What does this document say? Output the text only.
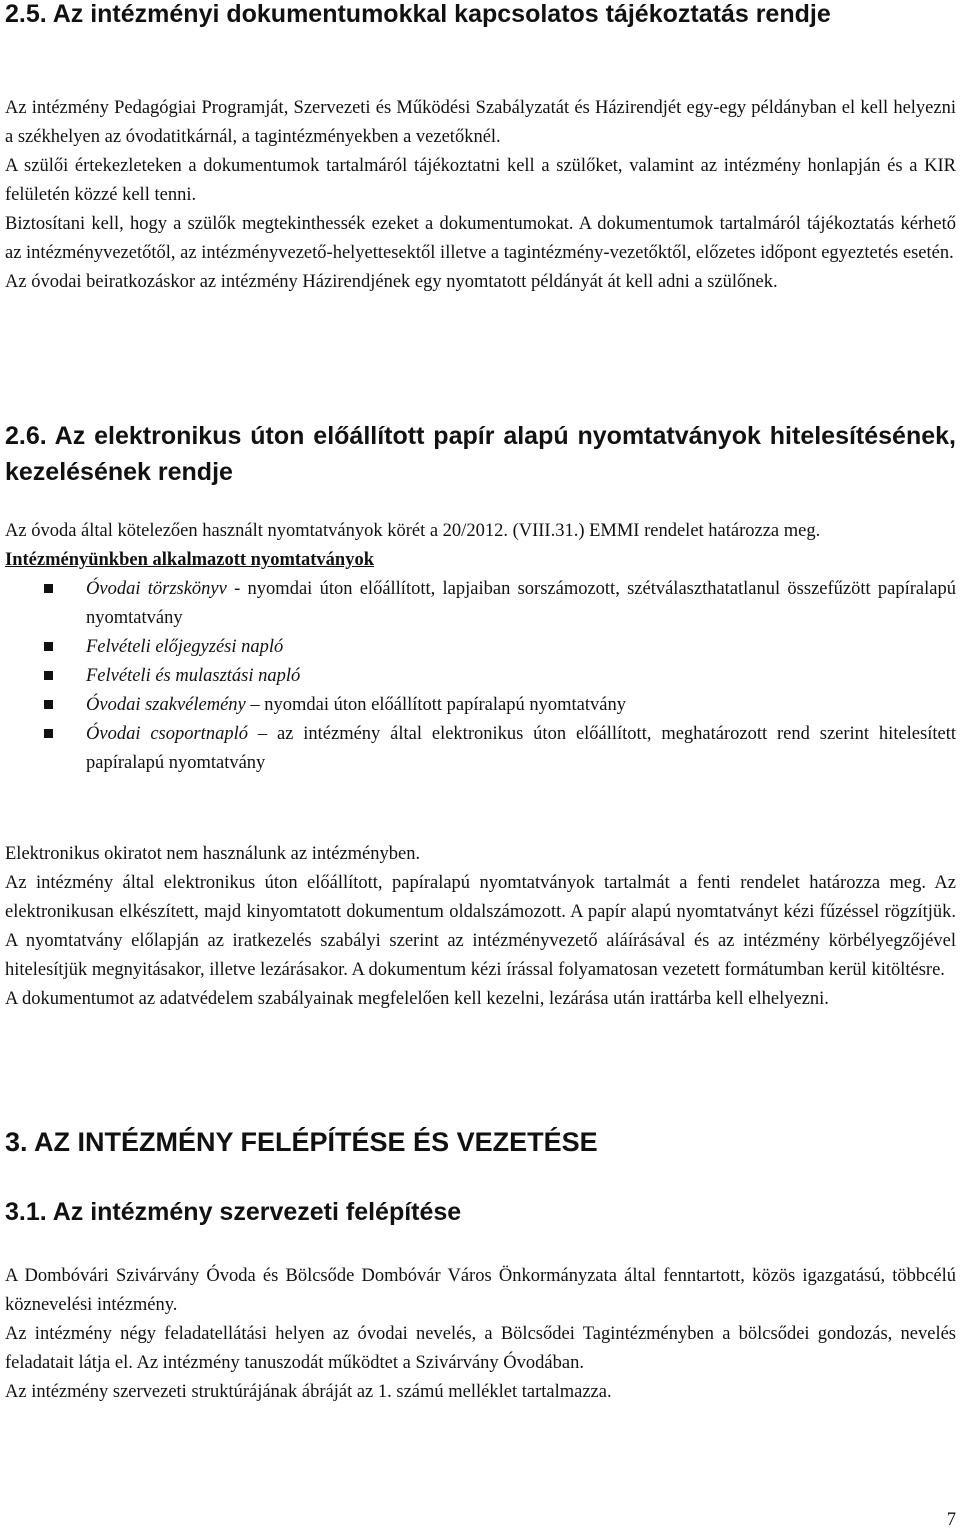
2.5. Az intézményi dokumentumokkal kapcsolatos tájékoztatás rendje

Az intézmény Pedagógiai Programját, Szervezeti és Működési Szabályzatát és Házirendjét egy-egy példányban el kell helyezni a székhelyen az óvodatitkárnál, a tagintézményekben a vezetőknél.

A szülői értekezleteken a dokumentumok tartalmáról tájékoztatni kell a szülőket, valamint az intézmény honlapján és a KIR felületén közzé kell tenni.

Biztosítani kell, hogy a szülők megtekinthessék ezeket a dokumentumokat. A dokumentumok tartalmáról tájékoztatás kérhető az intézményvezetőtől, az intézményvezető-helyettesektől illetve a tagintézmény-vezetőktől, előzetes időpont egyeztetés esetén.

Az óvodai beiratkozáskor az intézmény Házirendjének egy nyomtatott példányát át kell adni a szülőnek.

2.6. Az elektronikus úton előállított papír alapú nyomtatványok hitelesítésének, kezelésének rendje

Az óvoda által kötelezően használt nyomtatványok körét a 20/2012. (VIII.31.) EMMI rendelet határozza meg.

Intézményünkben alkalmazott nyomtatványok

Óvodai törzskönyv - nyomdai úton előállított, lapjaiban sorszámozott, szétválaszthatatlanul összefűzött papíralapú nyomtatvány
Felvételi előjegyzési napló
Felvételi és mulasztási napló
Óvodai szakvélemény – nyomdai úton előállított papíralapú nyomtatvány
Óvodai csoportnapló – az intézmény által elektronikus úton előállított, meghatározott rend szerint hitelesített papíralapú nyomtatvány

Elektronikus okiratot nem használunk az intézményben.

Az intézmény által elektronikus úton előállított, papíralapú nyomtatványok tartalmát a fenti rendelet határozza meg. Az elektronikusan elkészített, majd kinyomtatott dokumentum oldalszámozott. A papír alapú nyomtatványt kézi fűzéssel rögzítjük. A nyomtatvány előlapján az iratkezelés szabályi szerint az intézményvezető aláírásával és az intézmény körbélyegzőjével hitelesítjük megnyitásakor, illetve lezárásakor. A dokumentum kézi írással folyamatosan vezetett formátumban kerül kitöltésre.

A dokumentumot az adatvédelem szabályainak megfelelően kell kezelni, lezárása után irattárba kell elhelyezni.

3. AZ INTÉZMÉNY FELÉPÍTÉSE ÉS VEZETÉSE
3.1. Az intézmény szervezeti felépítése

A Dombóvári Szivárvány Óvoda és Bölcsőde Dombóvár Város Önkormányzata által fenntartott, közös igazgatású, többcélú köznevelési intézmény.

Az intézmény négy feladatellátási helyen az óvodai nevelés, a Bölcsődei Tagintézményben a bölcsődei gondozás, nevelés feladatait látja el. Az intézmény tanuszodát működtet a Szivárvány Óvodában.

Az intézmény szervezeti struktúrájának ábráját az 1. számú melléklet tartalmazza.

7
